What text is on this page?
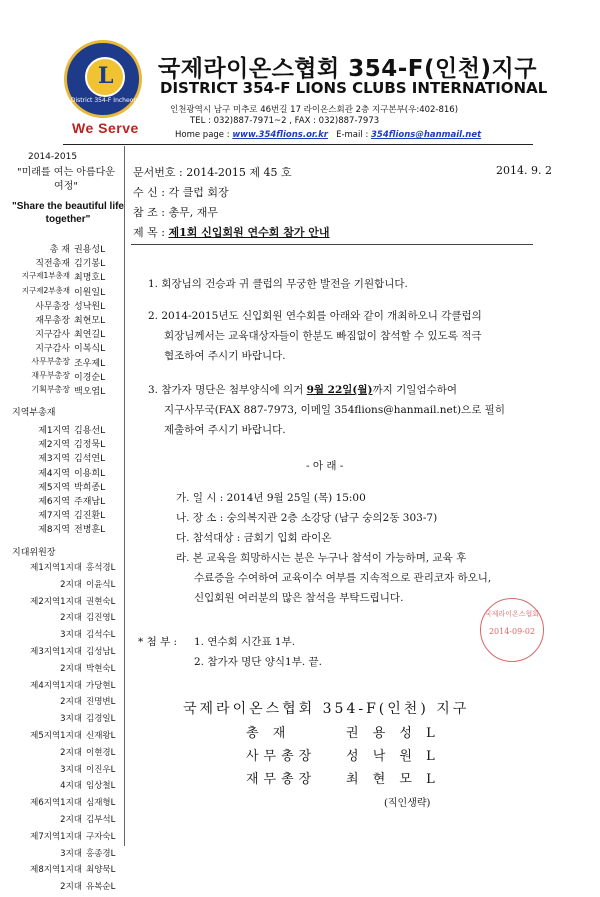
L
District 354-F Incheon
We Serve
국제라이온스협회 354-F(인천)지구
DISTRICT 354-F LIONS CLUBS INTERNATIONAL
인천광역시 남구 미추로 46번길 17 라이온스회관 2층 지구본부(우:402-816)
TEL : 032)887-7971~2 , FAX : 032)887-7973
Home page : www.354flions.or.kr E-mail : 354flions@hanmail.net
2014-2015
"미래를 여는 아름다운 여정"
"Share the beautiful life together"
총 재 권용성L
직전총재 김기봉L
지구제1부총재 최명호L
지구제2부총재 이원일L
사무총장 성낙원L
재무총장 최현모L
지구감사 최연길L
지구감사 이복식L
사무부총장 조우제L
재무부총장 이경순L
기획부총장 백오엽L
지역부총재
제1지역 김용선L
제2지역 김정묵L
제3지역 김석연L
제4지역 이용희L
제5지역 박희종L
제6지역 주재남L
제7지역 김진환L
제8지역 전병훈L
지대위원장
제1지역1지대 홍석경L
2지대 이윤식L
제2지역1지대 권현숙L
2지대 김진영L
3지대 김석수L
제3지역1지대 김성남L
2지대 박현숙L
제4지역1지대 가당현L
2지대 진명변L
3지대 김경일L
제5지역1지대 신재왕L
2지대 이현경L
3지대 이진우L
4지대 임상철L
제6지역1지대 심재형L
2지대 김부석L
제7지역1지대 구자숙L
3지대 홍종경L
제8지역1지대 최양묵L
2지대 유복순L
문서번호 : 2014-2015 제 45 호	2014. 9. 2
수 신 : 각 클럽 회장
참 조 : 총무, 재무
제 목 : 제1회 신입회원 연수회 참가 안내
1. 회장님의 건승과 귀 클럽의 무궁한 발전을 기원합니다.
2. 2014-2015년도 신입회원 연수회를 아래와 같이 개최하오니 각클럽의
회장님께서는 교육대상자들이 한분도 빠짐없이 참석할 수 있도록 적극
협조하여 주시기 바랍니다.
3. 참가자 명단은 첨부양식에 의거 9월 22일(월)까지 기일엄수하여
지구사무국(FAX 887-7973, 이메일 354flions@hanmail.net)으로 필히
제출하여 주시기 바랍니다.
- 아 래 -
가. 일 시 : 2014년 9월 25일 (목) 15:00
나. 장 소 : 숭의복지관 2층 소강당 (남구 숭의2동 303-7)
다. 참석대상 : 금회기 입회 라이온
라. 본 교육을 희망하시는 분은 누구나 참석이 가능하며, 교육 후
수료증을 수여하여 교육이수 여부를 지속적으로 관리코자 하오니,
신입회원 여러분의 많은 참석을 부탁드립니다.
국제라이온스협회
2014-09-02
* 첨 부 : 1. 연수회 시간표 1부.
2. 참가자 명단 양식1부. 끝.
국제라이온스협회 354-F(인천) 지구
총 재	권 용 성 L
사무총장 성 낙 원 L
재무총장 최 현 모 L
(직인생략)
